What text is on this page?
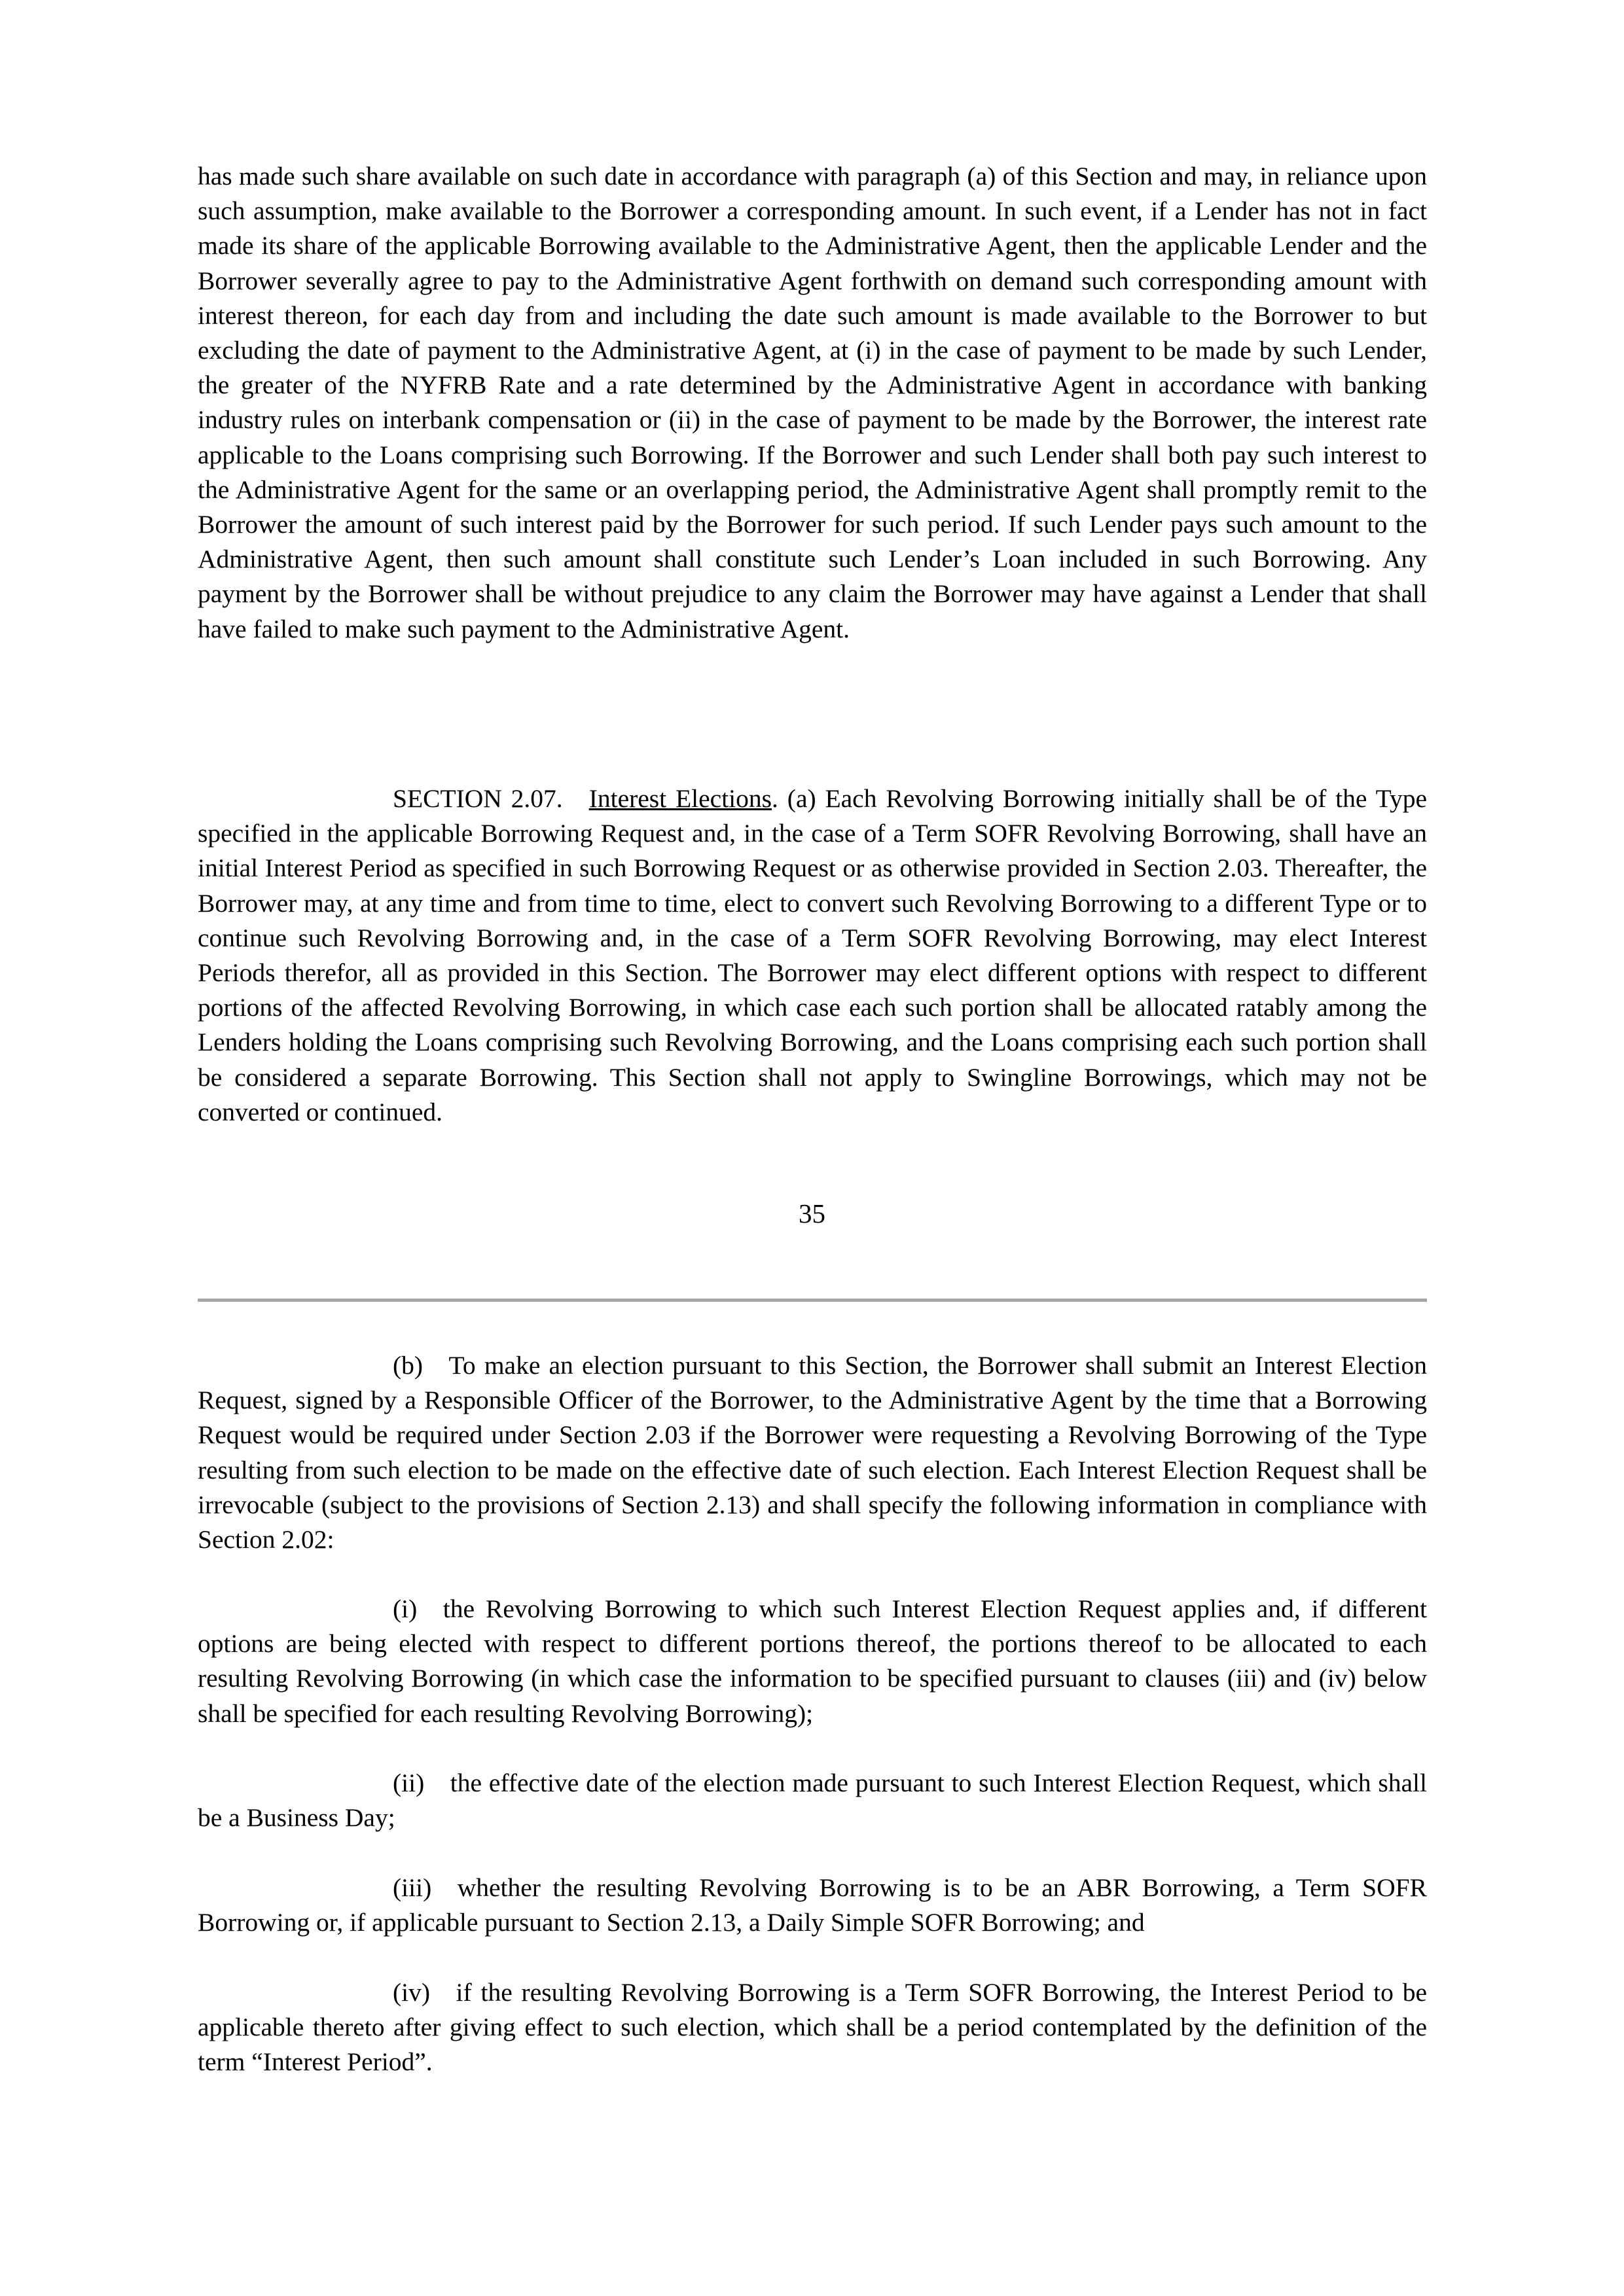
has made such share available on such date in accordance with paragraph (a) of this Section and may, in reliance upon such assumption, make available to the Borrower a corresponding amount. In such event, if a Lender has not in fact made its share of the applicable Borrowing available to the Administrative Agent, then the applicable Lender and the Borrower severally agree to pay to the Administrative Agent forthwith on demand such corresponding amount with interest thereon, for each day from and including the date such amount is made available to the Borrower to but excluding the date of payment to the Administrative Agent, at (i) in the case of payment to be made by such Lender, the greater of the NYFRB Rate and a rate determined by the Administrative Agent in accordance with banking industry rules on interbank compensation or (ii) in the case of payment to be made by the Borrower, the interest rate applicable to the Loans comprising such Borrowing. If the Borrower and such Lender shall both pay such interest to the Administrative Agent for the same or an overlapping period, the Administrative Agent shall promptly remit to the Borrower the amount of such interest paid by the Borrower for such period. If such Lender pays such amount to the Administrative Agent, then such amount shall constitute such Lender’s Loan included in such Borrowing. Any payment by the Borrower shall be without prejudice to any claim the Borrower may have against a Lender that shall have failed to make such payment to the Administrative Agent.

SECTION 2.07. Interest Elections. (a) Each Revolving Borrowing initially shall be of the Type specified in the applicable Borrowing Request and, in the case of a Term SOFR Revolving Borrowing, shall have an initial Interest Period as specified in such Borrowing Request or as otherwise provided in Section 2.03. Thereafter, the Borrower may, at any time and from time to time, elect to convert such Revolving Borrowing to a different Type or to continue such Revolving Borrowing and, in the case of a Term SOFR Revolving Borrowing, may elect Interest Periods therefor, all as provided in this Section. The Borrower may elect different options with respect to different portions of the affected Revolving Borrowing, in which case each such portion shall be allocated ratably among the Lenders holding the Loans comprising such Revolving Borrowing, and the Loans comprising each such portion shall be considered a separate Borrowing. This Section shall not apply to Swingline Borrowings, which may not be converted or continued.

35

(b) To make an election pursuant to this Section, the Borrower shall submit an Interest Election Request, signed by a Responsible Officer of the Borrower, to the Administrative Agent by the time that a Borrowing Request would be required under Section 2.03 if the Borrower were requesting a Revolving Borrowing of the Type resulting from such election to be made on the effective date of such election. Each Interest Election Request shall be irrevocable (subject to the provisions of Section 2.13) and shall specify the following information in compliance with Section 2.02:

(i) the Revolving Borrowing to which such Interest Election Request applies and, if different options are being elected with respect to different portions thereof, the portions thereof to be allocated to each resulting Revolving Borrowing (in which case the information to be specified pursuant to clauses (iii) and (iv) below shall be specified for each resulting Revolving Borrowing);

(ii) the effective date of the election made pursuant to such Interest Election Request, which shall be a Business Day;

(iii) whether the resulting Revolving Borrowing is to be an ABR Borrowing, a Term SOFR Borrowing or, if applicable pursuant to Section 2.13, a Daily Simple SOFR Borrowing; and

(iv) if the resulting Revolving Borrowing is a Term SOFR Borrowing, the Interest Period to be applicable thereto after giving effect to such election, which shall be a period contemplated by the definition of the term “Interest Period”.
